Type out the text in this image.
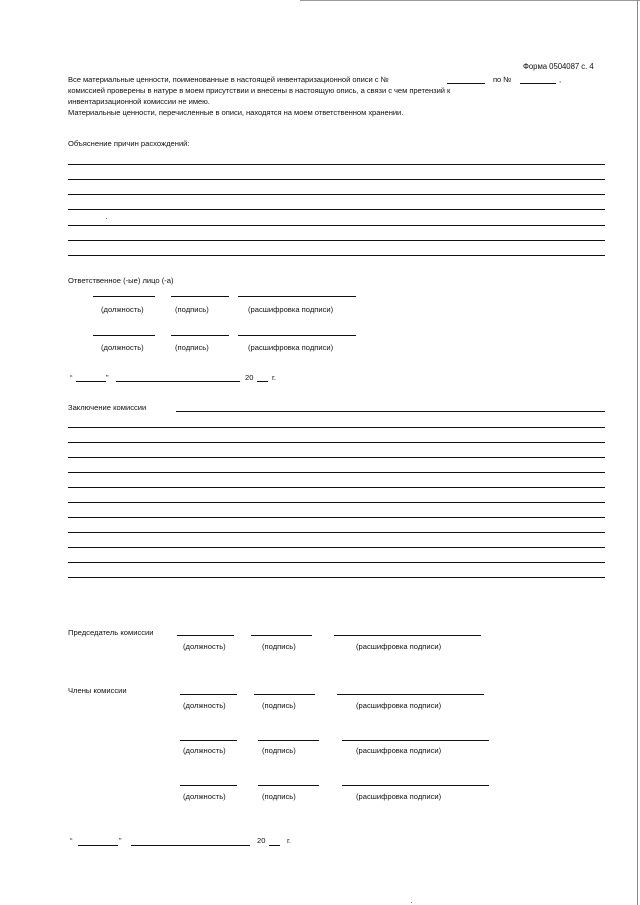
Форма 0504087 с. 4
Все материальные ценности, поименованные в настоящей инвентаризационной описи с №	по №	,
комиссией проверены в натуре в моем присутствии и внесены в настоящую опись, а связи с чем претензий к
инвентаризационной комиссии не имею.
Материальные ценности, перечисленные в описи, находятся на моем ответственном хранении.
Объяснение причин расхождений:
Ответственное (-ые) лицо (-а)
(должность)	(подпись)	(расшифровка подписи)
(должность)	(подпись)	(расшифровка подписи)
“	”	20 г.
Заключение комиссии
Председатель комиссии
(должность)	(подпись)	(расшифровка подписи)
Члены комиссии
(должность)	(подпись)	(расшифровка подписи)
(должность)	(подпись)	(расшифровка подписи)
(должность)	(подпись)	(расшифровка подписи)
“	”	20	г.
